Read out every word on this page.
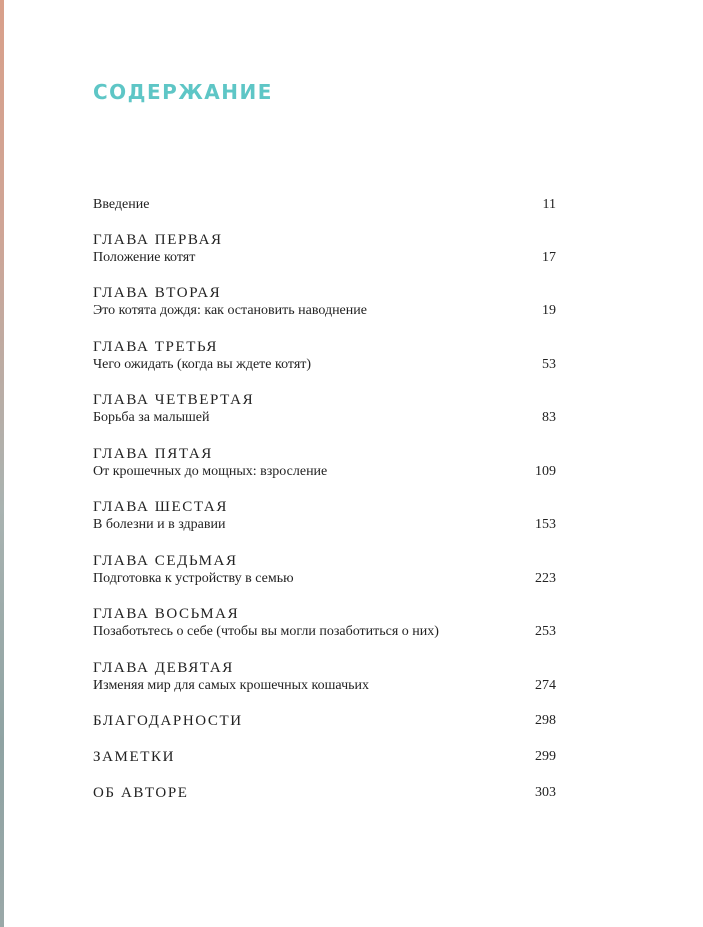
СОДЕРЖАНИЕ
Введение	11
ГЛАВА ПЕРВАЯ
Положение котят	17
ГЛАВА ВТОРАЯ
Это котята дождя: как остановить наводнение	19
ГЛАВА ТРЕТЬЯ
Чего ожидать (когда вы ждете котят)	53
ГЛАВА ЧЕТВЕРТАЯ
Борьба за малышей	83
ГЛАВА ПЯТАЯ
От крошечных до мощных: взросление	109
ГЛАВА ШЕСТАЯ
В болезни и в здравии	153
ГЛАВА СЕДЬМАЯ
Подготовка к устройству в семью	223
ГЛАВА ВОСЬМАЯ
Позаботьтесь о себе (чтобы вы могли позаботиться о них)	253
ГЛАВА ДЕВЯТАЯ
Изменяя мир для самых крошечных кошачьих	274
БЛАГОДАРНОСТИ	298
ЗАМЕТКИ	299
ОБ АВТОРЕ	303
